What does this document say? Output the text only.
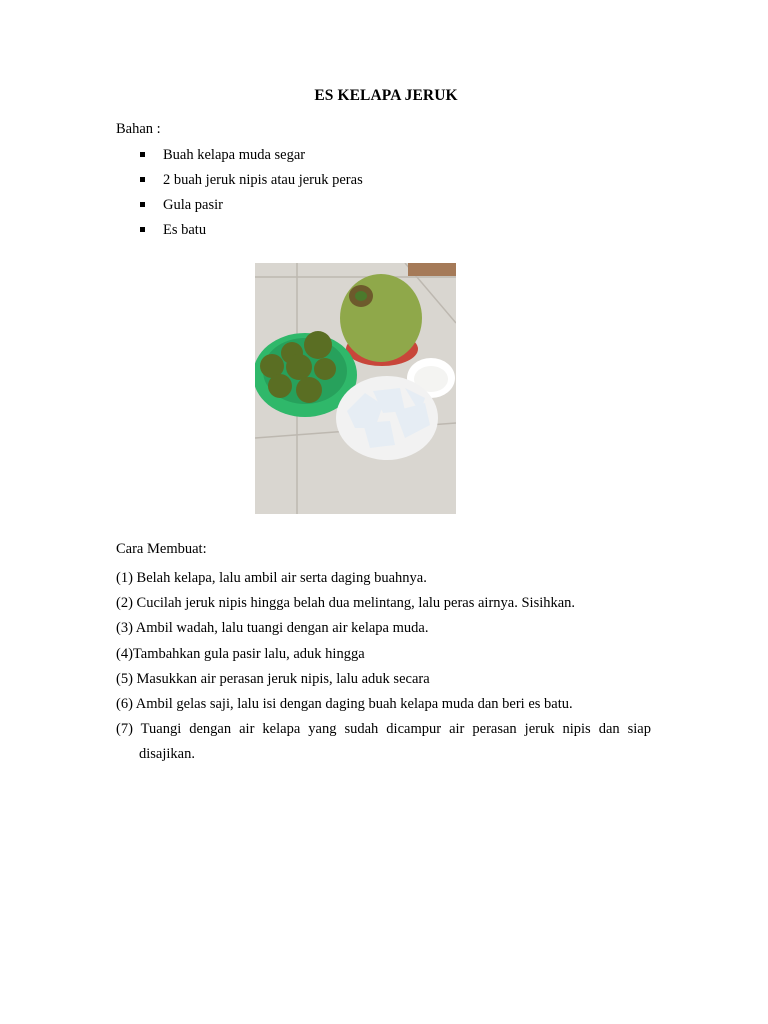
ES KELAPA JERUK
Bahan :
Buah kelapa muda segar
2 buah jeruk nipis atau jeruk peras
Gula pasir
Es batu
Cara Membuat:
(1) Belah kelapa, lalu ambil air serta daging buahnya.
(2) Cucilah jeruk nipis hingga belah dua melintang, lalu peras airnya. Sisihkan.
(3) Ambil wadah, lalu tuangi dengan air kelapa muda.
(4)Tambahkan gula pasir lalu, aduk hingga
(5) Masukkan air perasan jeruk nipis, lalu aduk secara
(6) Ambil gelas saji, lalu isi dengan daging buah kelapa muda dan beri es batu.
(7) Tuangi dengan air kelapa yang sudah dicampur air perasan jeruk nipis dan siap disajikan.
